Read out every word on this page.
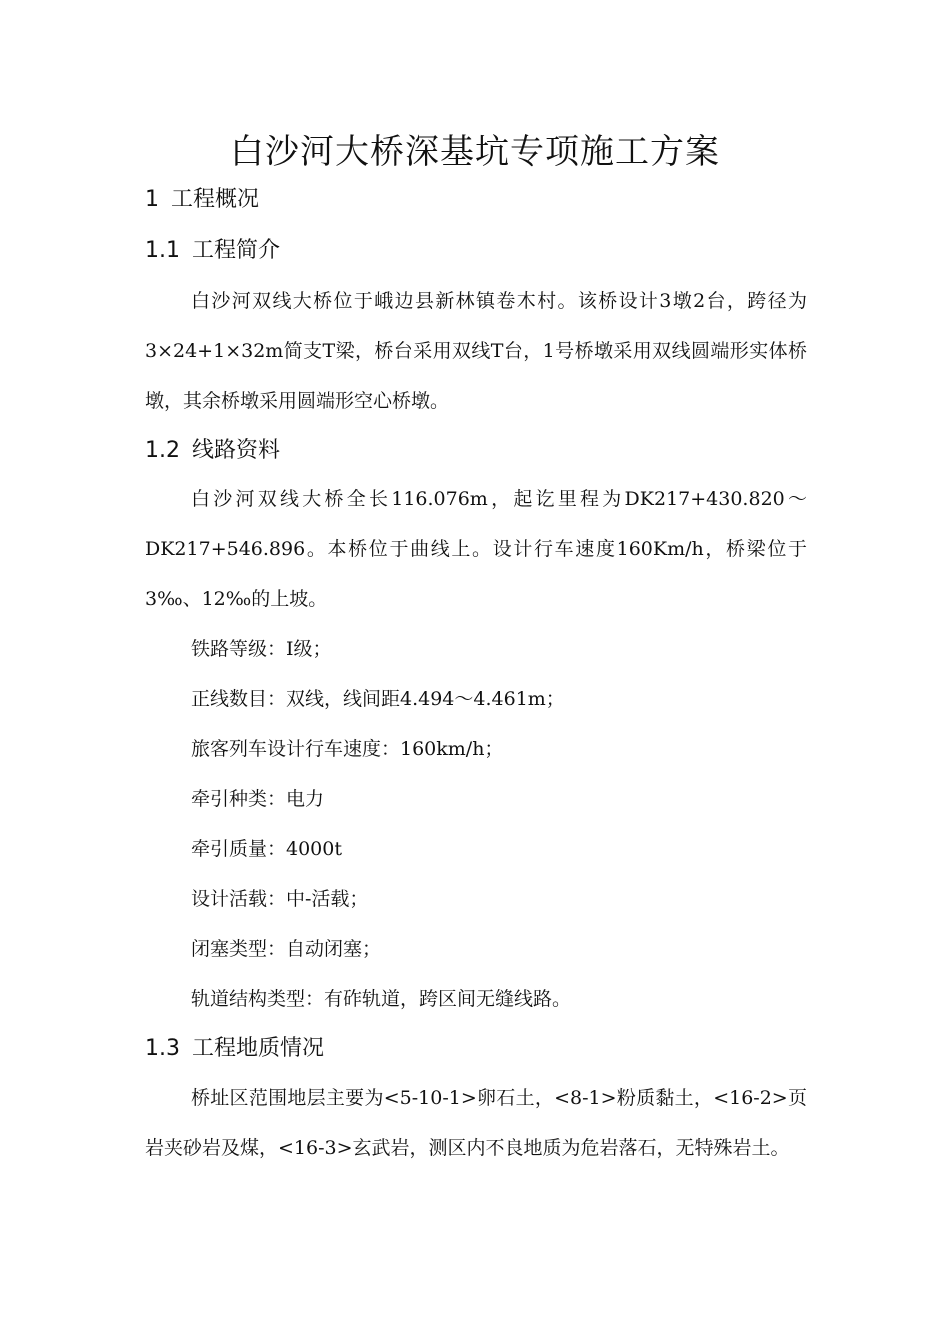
白沙河大桥深基坑专项施工方案
1 工程概况
1.1 工程简介

白沙河双线大桥位于峨边县新林镇卷木村。该桥设计3墩2台，跨径为3×24+1×32m简支T梁，桥台采用双线T台，1号桥墩采用双线圆端形实体桥墩，其余桥墩采用圆端形空心桥墩。

1.2 线路资料

白沙河双线大桥全长116.076m，起讫里程为DK217+430.820～DK217+546.896。本桥位于曲线上。设计行车速度160Km/h，桥梁位于3‰、12‰的上坡。

铁路等级：Ⅰ级；

正线数目：双线，线间距4.494～4.461m；

旅客列车设计行车速度：160km/h；

牵引种类：电力

牵引质量：4000t

设计活载：中-活载；

闭塞类型：自动闭塞；

轨道结构类型：有砟轨道，跨区间无缝线路。

1.3 工程地质情况

桥址区范围地层主要为<5-10-1>卵石土，<8-1>粉质黏土，<16-2>页岩夹砂岩及煤，<16-3>玄武岩，测区内不良地质为危岩落石，无特殊岩土。
